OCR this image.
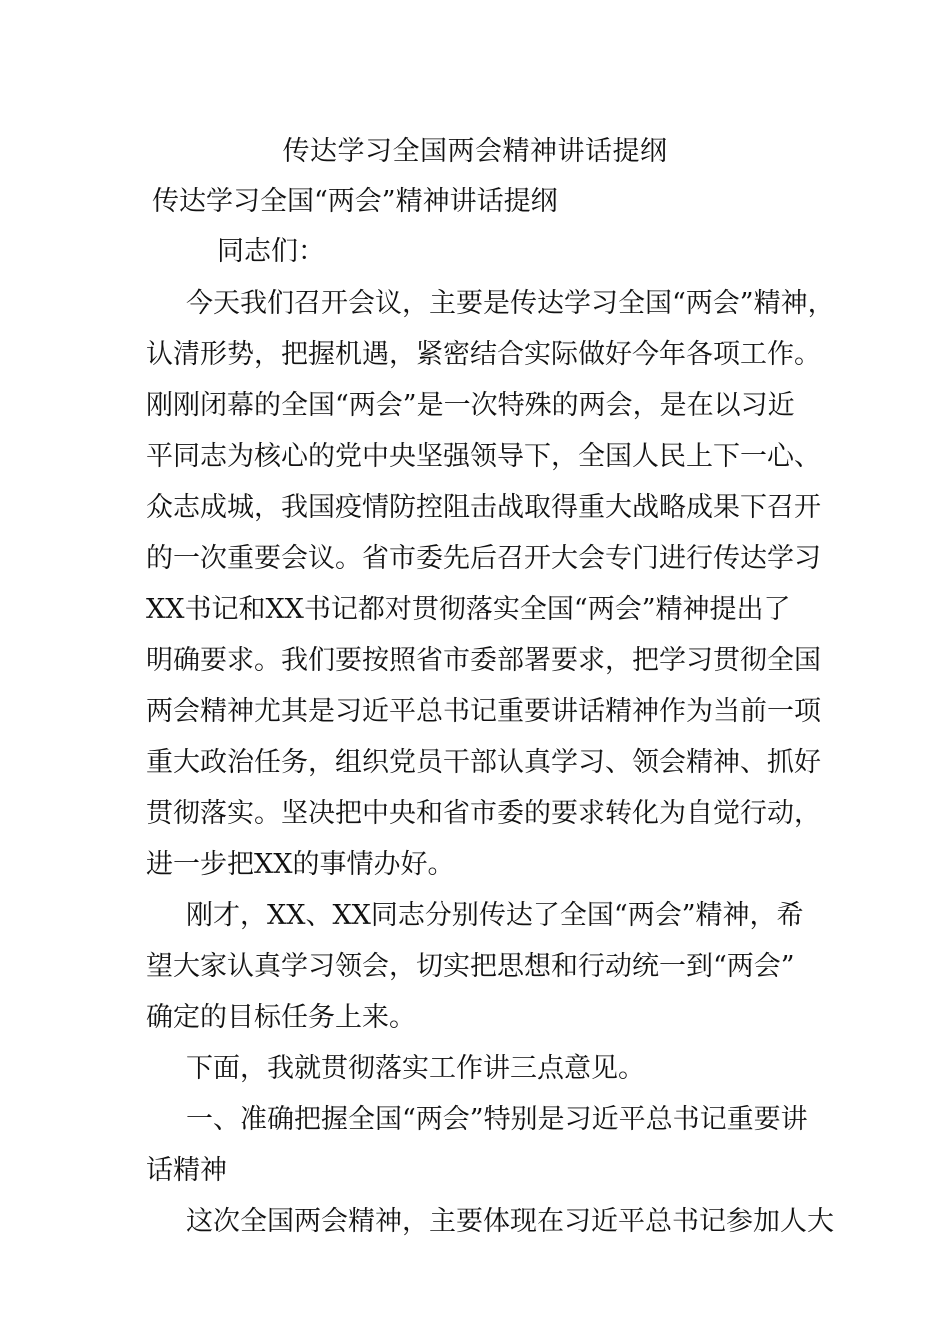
传达学习全国两会精神讲话提纲
传达学习全国“两会”精神讲话提纲
同志们：

今天我们召开会议，主要是传达学习全国“两会”精神，
认清形势，把握机遇，紧密结合实际做好今年各项工作。
刚刚闭幕的全国“两会”是一次特殊的两会，是在以习近
平同志为核心的党中央坚强领导下，全国人民上下一心、
众志成城，我国疫情防控阻击战取得重大战略成果下召开
的一次重要会议。省市委先后召开大会专门进行传达学习
XX书记和XX书记都对贯彻落实全国“两会”精神提出了
明确要求。我们要按照省市委部署要求，把学习贯彻全国
两会精神尤其是习近平总书记重要讲话精神作为当前一项
重大政治任务，组织党员干部认真学习、领会精神、抓好
贯彻落实。坚决把中央和省市委的要求转化为自觉行动，
进一步把XX的事情办好。

刚才，XX、XX同志分别传达了全国“两会”精神，希
望大家认真学习领会，切实把思想和行动统一到“两会”
确定的目标任务上来。

下面，我就贯彻落实工作讲三点意见。

一、准确把握全国“两会”特别是习近平总书记重要讲
话精神

这次全国两会精神，主要体现在习近平总书记参加人大
